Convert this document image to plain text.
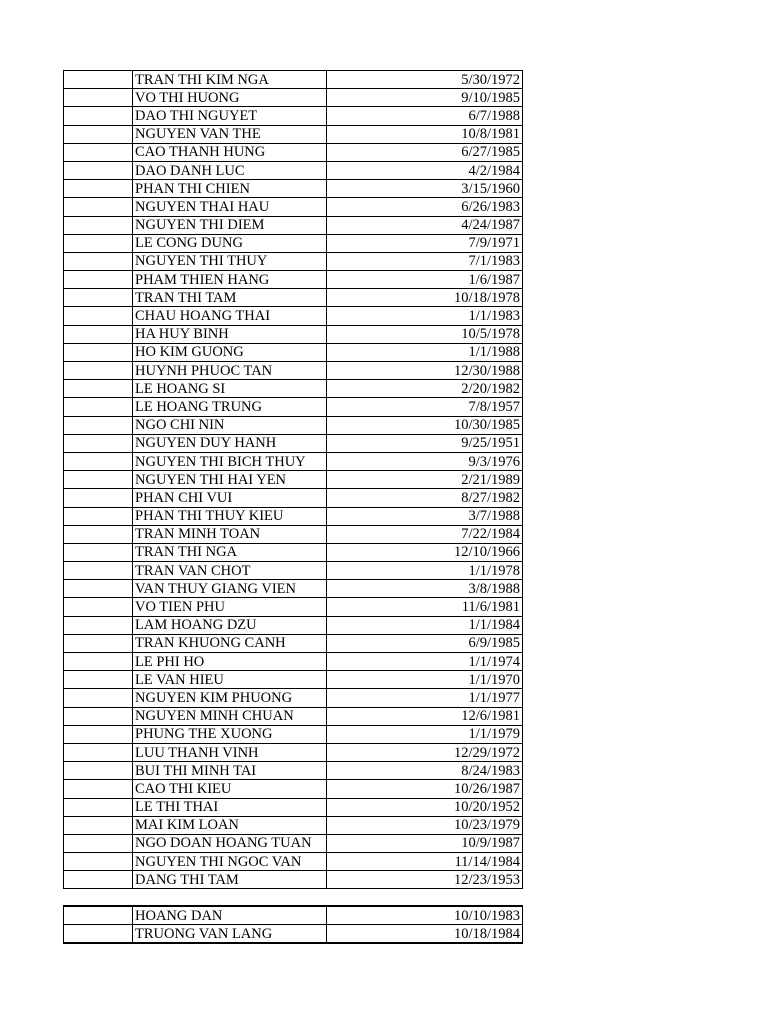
	TRAN THI KIM NGA	5/30/1972
	VO THI HUONG	9/10/1985
	DAO THI NGUYET	6/7/1988
	NGUYEN VAN THE	10/8/1981
	CAO THANH HUNG	6/27/1985
	DAO DANH LUC	4/2/1984
	PHAN THI CHIEN	3/15/1960
	NGUYEN THAI HAU	6/26/1983
	NGUYEN THI DIEM	4/24/1987
	LE CONG DUNG	7/9/1971
	NGUYEN THI THUY	7/1/1983
	PHAM THIEN HANG	1/6/1987
	TRAN THI TAM	10/18/1978
	CHAU HOANG THAI	1/1/1983
	HA HUY BINH	10/5/1978
	HO KIM GUONG	1/1/1988
	HUYNH PHUOC TAN	12/30/1988
	LE HOANG SI	2/20/1982
	LE HOANG TRUNG	7/8/1957
	NGO CHI NIN	10/30/1985
	NGUYEN DUY HANH	9/25/1951
	NGUYEN THI BICH THUY	9/3/1976
	NGUYEN THI HAI YEN	2/21/1989
	PHAN CHI VUI	8/27/1982
	PHAN THI THUY KIEU	3/7/1988
	TRAN MINH TOAN	7/22/1984
	TRAN THI NGA	12/10/1966
	TRAN VAN CHOT	1/1/1978
	VAN THUY GIANG VIEN	3/8/1988
	VO TIEN PHU	11/6/1981
	LAM HOANG DZU	1/1/1984
	TRAN KHUONG CANH	6/9/1985
	LE PHI HO	1/1/1974
	LE VAN HIEU	1/1/1970
	NGUYEN KIM PHUONG	1/1/1977
	NGUYEN MINH CHUAN	12/6/1981
	PHUNG THE XUONG	1/1/1979
	LUU THANH VINH	12/29/1972
	BUI THI MINH TAI	8/24/1983
	CAO THI KIEU	10/26/1987
	LE THI THAI	10/20/1952
	MAI KIM LOAN	10/23/1979
	NGO DOAN HOANG TUAN	10/9/1987
	NGUYEN THI NGOC VAN	11/14/1984
	DANG THI TAM	12/23/1953
	HOANG DAN	10/10/1983
	TRUONG VAN LANG	10/18/1984
